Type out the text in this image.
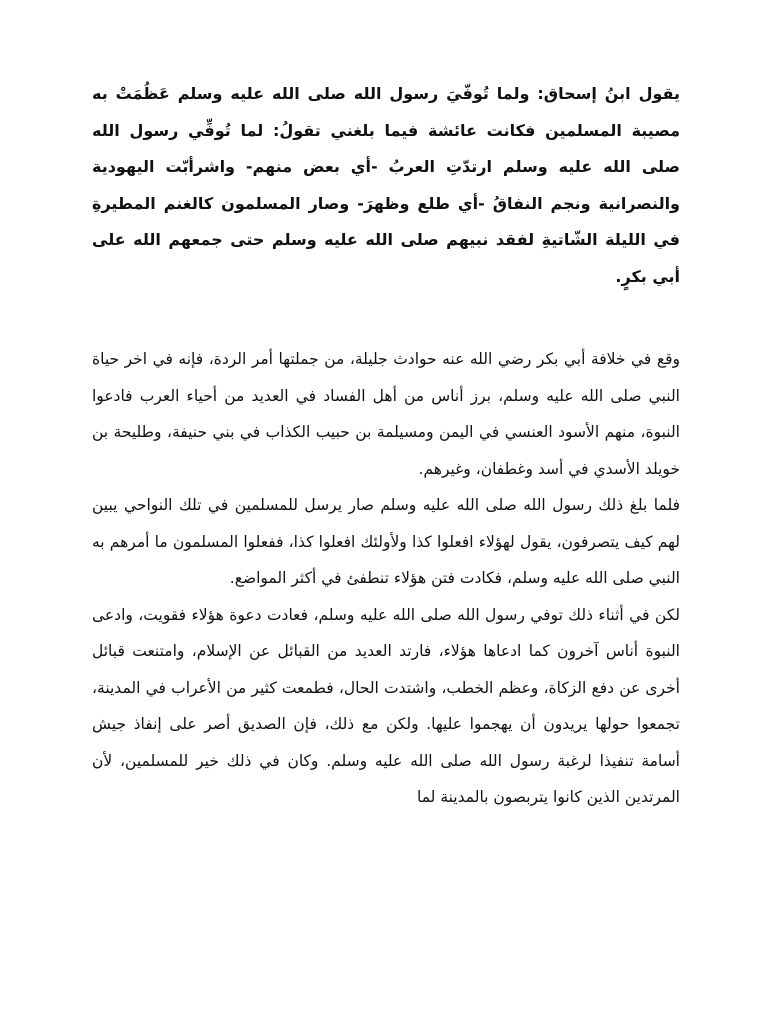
يقول ابنُ إسحاق: ولما تُوفّيَ رسول الله صلى الله عليه وسلم عَظُمَتْ به مصيبة المسلمين فكانت عائشة فيما بلغني تقولُ: لما تُوفِّي رسول الله صلى الله عليه وسلم ارتدّتِ العربُ -أي بعض منهم- واشرأبّت اليهودية والنصرانية ونجم النفاقُ -أي طلع وظهرَ- وصار المسلمون كالغنم المطيرةِ في الليلة الشّاتيةِ لفقد نبيهم صلى الله عليه وسلم حتى جمعهم الله على أبي بكرٍ.

وقع في خلافة أبي بكر رضي الله عنه حوادث جليلة، من جملتها أمر الردة، فإنه في اخر حياة النبي صلى الله عليه وسلم، برز أناس من أهل الفساد في العديد من أحياء العرب فادعوا النبوة، منهم الأسود العنسي في اليمن ومسيلمة بن حبيب الكذاب في بني حنيفة، وطليحة بن خويلد الأسدي في أسد وغطفان، وغيرهم.

فلما بلغ ذلك رسول الله صلى الله عليه وسلم صار يرسل للمسلمين في تلك النواحي يبين لهم كيف يتصرفون، يقول لهؤلاء افعلوا كذا ولأولئك افعلوا كذا، ففعلوا المسلمون ما أمرهم به النبي صلى الله عليه وسلم، فكادت فتن هؤلاء تنطفئ في أكثر المواضع.

لكن في أثناء ذلك توفي رسول الله صلى الله عليه وسلم، فعادت دعوة هؤلاء فقويت، وادعى النبوة أناس آخرون كما ادعاها هؤلاء، فارتد العديد من القبائل عن الإسلام، وامتنعت قبائل أخرى عن دفع الزكاة، وعظم الخطب، واشتدت الحال، فطمعت كثير من الأعراب في المدينة، تجمعوا حولها يريدون أن يهجموا عليها. ولكن مع ذلك، فإن الصديق أصر على إنفاذ جيش أسامة تنفيذا لرغبة رسول الله صلى الله عليه وسلم. وكان في ذلك خير للمسلمين، لأن المرتدين الذين كانوا يتربصون بالمدينة لما
